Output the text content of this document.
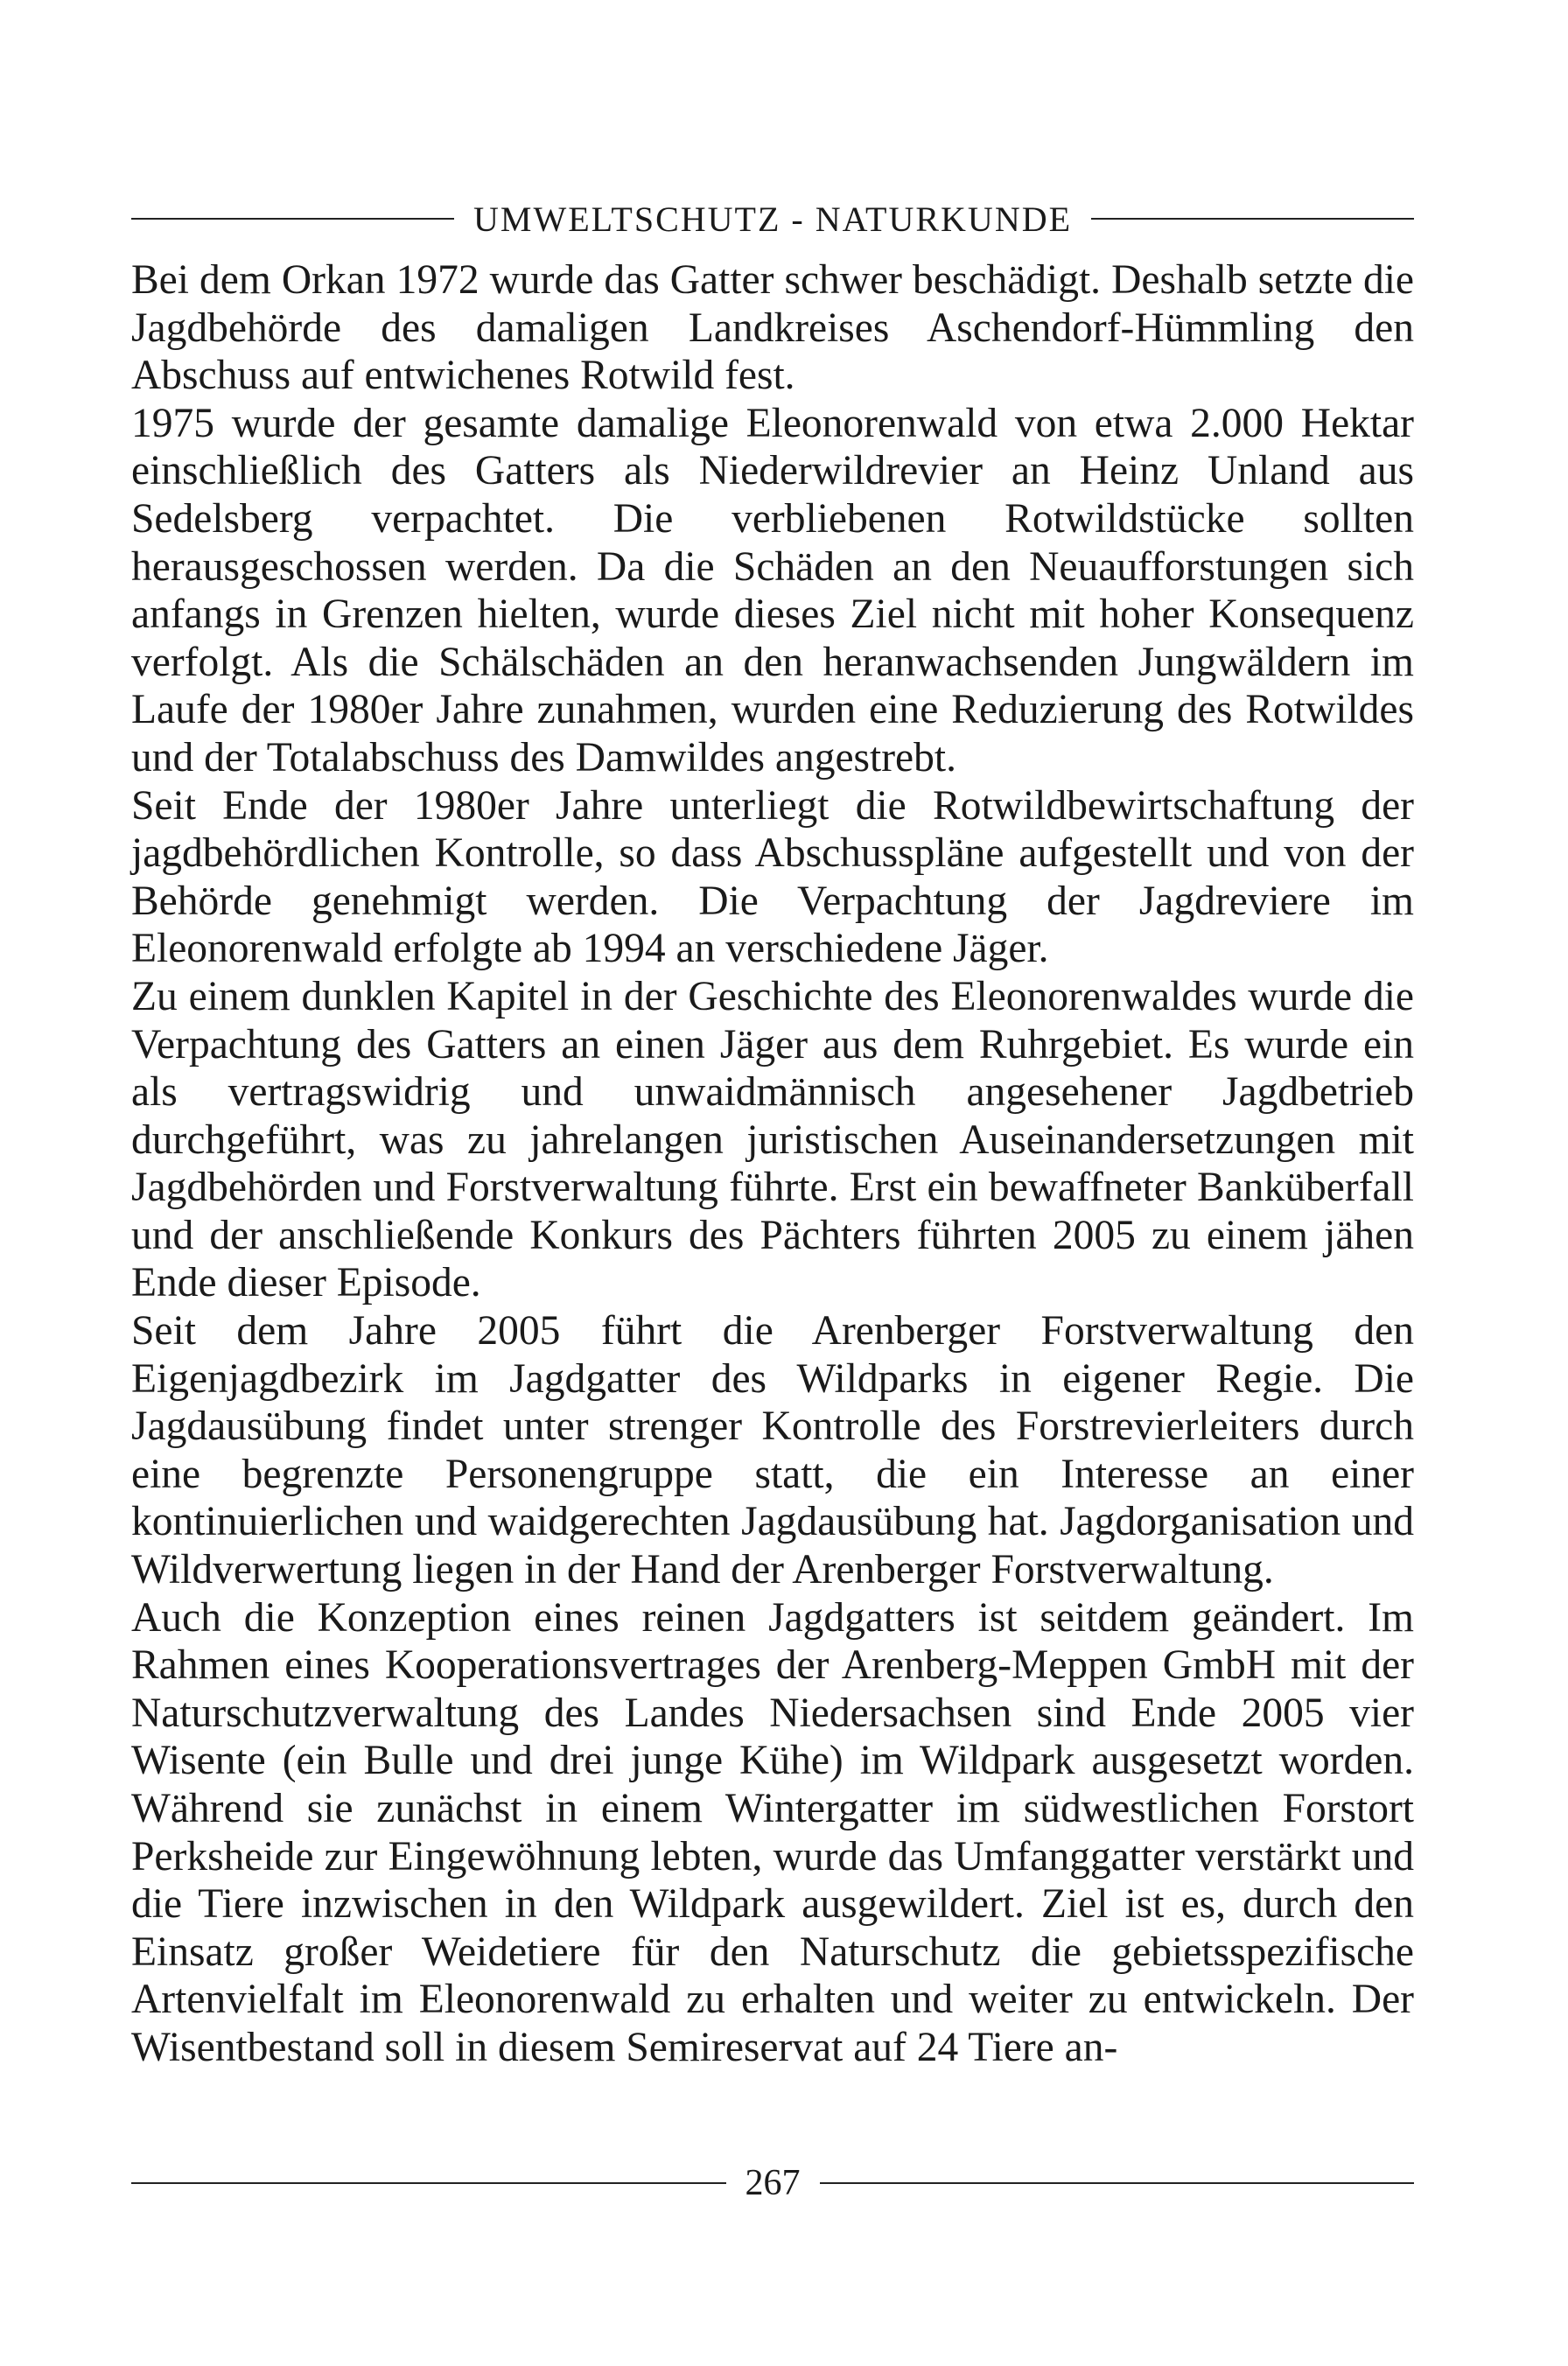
UMWELTSCHUTZ - NATURKUNDE

Bei dem Orkan 1972 wurde das Gatter schwer beschädigt. Deshalb setzte die Jagdbehörde des damaligen Landkreises Aschendorf-Hümmling den Abschuss auf entwichenes Rotwild fest.

1975 wurde der gesamte damalige Eleonorenwald von etwa 2.000 Hektar einschließlich des Gatters als Niederwildrevier an Heinz Unland aus Sedelsberg verpachtet. Die verbliebenen Rotwildstücke sollten herausgeschossen werden. Da die Schäden an den Neuaufforstungen sich anfangs in Grenzen hielten, wurde dieses Ziel nicht mit hoher Konsequenz verfolgt. Als die Schälschäden an den heranwachsenden Jungwäldern im Laufe der 1980er Jahre zunahmen, wurden eine Reduzierung des Rotwildes und der Totalabschuss des Damwildes angestrebt.

Seit Ende der 1980er Jahre unterliegt die Rotwildbewirtschaftung der jagdbehördlichen Kontrolle, so dass Abschusspläne aufgestellt und von der Behörde genehmigt werden. Die Verpachtung der Jagdreviere im Eleonorenwald erfolgte ab 1994 an verschiedene Jäger.

Zu einem dunklen Kapitel in der Geschichte des Eleonorenwaldes wurde die Verpachtung des Gatters an einen Jäger aus dem Ruhrgebiet. Es wurde ein als vertragswidrig und unwaidmännisch angesehener Jagdbetrieb durchgeführt, was zu jahrelangen juristischen Auseinandersetzungen mit Jagdbehörden und Forstverwaltung führte. Erst ein bewaffneter Banküberfall und der anschließende Konkurs des Pächters führten 2005 zu einem jähen Ende dieser Episode.

Seit dem Jahre 2005 führt die Arenberger Forstverwaltung den Eigenjagdbezirk im Jagdgatter des Wildparks in eigener Regie. Die Jagdausübung findet unter strenger Kontrolle des Forstrevierleiters durch eine begrenzte Personengruppe statt, die ein Interesse an einer kontinuierlichen und waidgerechten Jagdausübung hat. Jagdorganisation und Wildverwertung liegen in der Hand der Arenberger Forstverwaltung.

Auch die Konzeption eines reinen Jagdgatters ist seitdem geändert. Im Rahmen eines Kooperationsvertrages der Arenberg-Meppen GmbH mit der Naturschutzverwaltung des Landes Niedersachsen sind Ende 2005 vier Wisente (ein Bulle und drei junge Kühe) im Wildpark ausgesetzt worden. Während sie zunächst in einem Wintergatter im südwestlichen Forstort Perksheide zur Eingewöhnung lebten, wurde das Umfanggatter verstärkt und die Tiere inzwischen in den Wildpark ausgewildert. Ziel ist es, durch den Einsatz großer Weidetiere für den Naturschutz die gebietsspezifische Artenvielfalt im Eleonorenwald zu erhalten und weiter zu entwickeln. Der Wisentbestand soll in diesem Semireservat auf 24 Tiere an-

267
